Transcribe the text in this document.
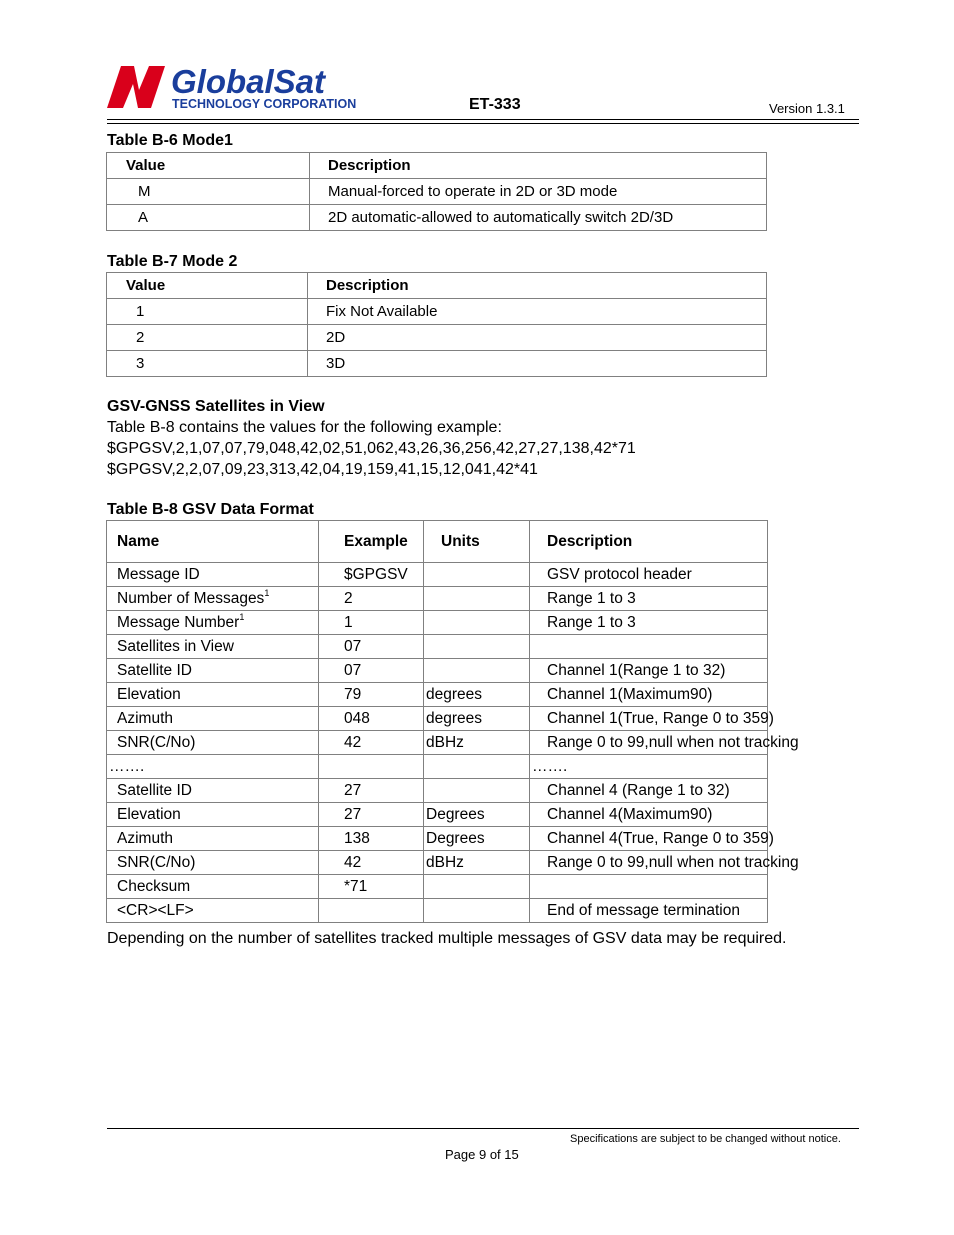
GlobalSat
TECHNOLOGY CORPORATION	ET-333	Version 1.3.1
Table B-6 Mode1
Value	Description
M	Manual-forced to operate in 2D or 3D mode
A	2D automatic-allowed to automatically switch 2D/3D
Table B-7 Mode 2
Value	Description
1	Fix Not Available
2	2D
3	3D
GSV-GNSS Satellites in View
Table B-8 contains the values for the following example:
$GPGSV,2,1,07,07,79,048,42,02,51,062,43,26,36,256,42,27,27,138,42*71
$GPGSV,2,2,07,09,23,313,42,04,19,159,41,15,12,041,42*41
Table B-8 GSV Data Format
Name	Example	Units	Description
Message ID	$GPGSV		GSV protocol header
Number of Messages$^1$	2		Range 1 to 3
Message Number$^1$	1		Range 1 to 3
Satellites in View	07		
Satellite ID	07		Channel 1(Range 1 to 32)
Elevation	79	degrees	Channel 1(Maximum90)
Azimuth	048	degrees	Channel 1(True, Range 0 to 359)
SNR(C/No)	42	dBHz	Range 0 to 99,null when not tracking
…….			…….
Satellite ID	27		Channel 4 (Range 1 to 32)
Elevation	27	Degrees	Channel 4(Maximum90)
Azimuth	138	Degrees	Channel 4(True, Range 0 to 359)
SNR(C/No)	42	dBHz	Range 0 to 99,null when not tracking
Checksum	*71		
<CR><LF>			End of message termination
Depending on the number of satellites tracked multiple messages of GSV data may be required.
Specifications are subject to be changed without notice.
Page 9 of 15
